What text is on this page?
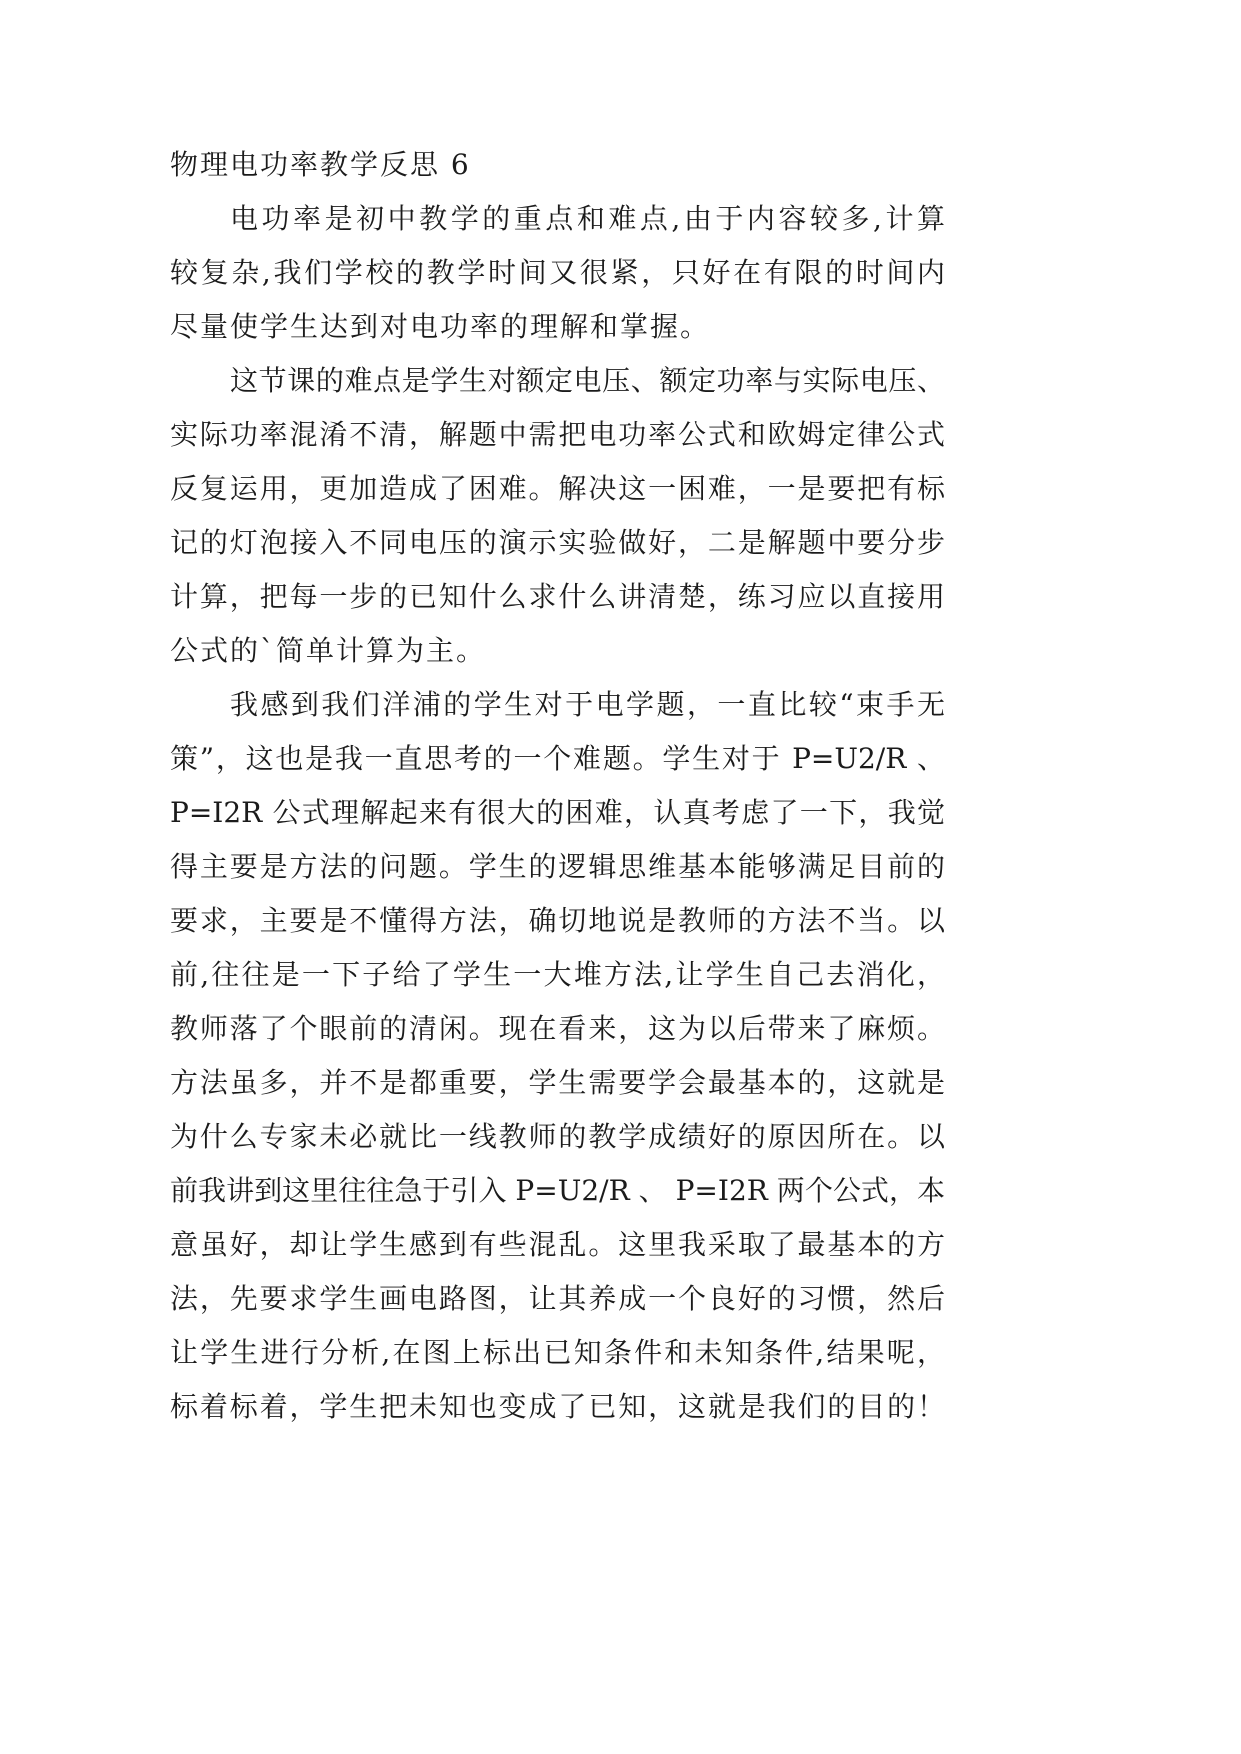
物理电功率教学反思 6
电功率是初中教学的重点和难点,由于内容较多,计算
较复杂,我们学校的教学时间又很紧，只好在有限的时间内
尽量使学生达到对电功率的理解和掌握。
这节课的难点是学生对额定电压、额定功率与实际电压、
实际功率混淆不清，解题中需把电功率公式和欧姆定律公式
反复运用，更加造成了困难。解决这一困难，一是要把有标
记的灯泡接入不同电压的演示实验做好，二是解题中要分步
计算，把每一步的已知什么求什么讲清楚，练习应以直接用
公式的`简单计算为主。
我感到我们洋浦的学生对于电学题，一直比较“束手无
策”，这也是我一直思考的一个难题。学生对于 P=U2/R 、
P=I2R 公式理解起来有很大的困难，认真考虑了一下，我觉
得主要是方法的问题。学生的逻辑思维基本能够满足目前的
要求，主要是不懂得方法，确切地说是教师的方法不当。以
前,往往是一下子给了学生一大堆方法,让学生自己去消化，
教师落了个眼前的清闲。现在看来，这为以后带来了麻烦。
方法虽多，并不是都重要，学生需要学会最基本的，这就是
为什么专家未必就比一线教师的教学成绩好的原因所在。以
前我讲到这里往往急于引入 P=U2/R 、 P=I2R 两个公式，本
意虽好，却让学生感到有些混乱。这里我采取了最基本的方
法，先要求学生画电路图，让其养成一个良好的习惯，然后
让学生进行分析,在图上标出已知条件和未知条件,结果呢，
标着标着，学生把未知也变成了已知，这就是我们的目的！
